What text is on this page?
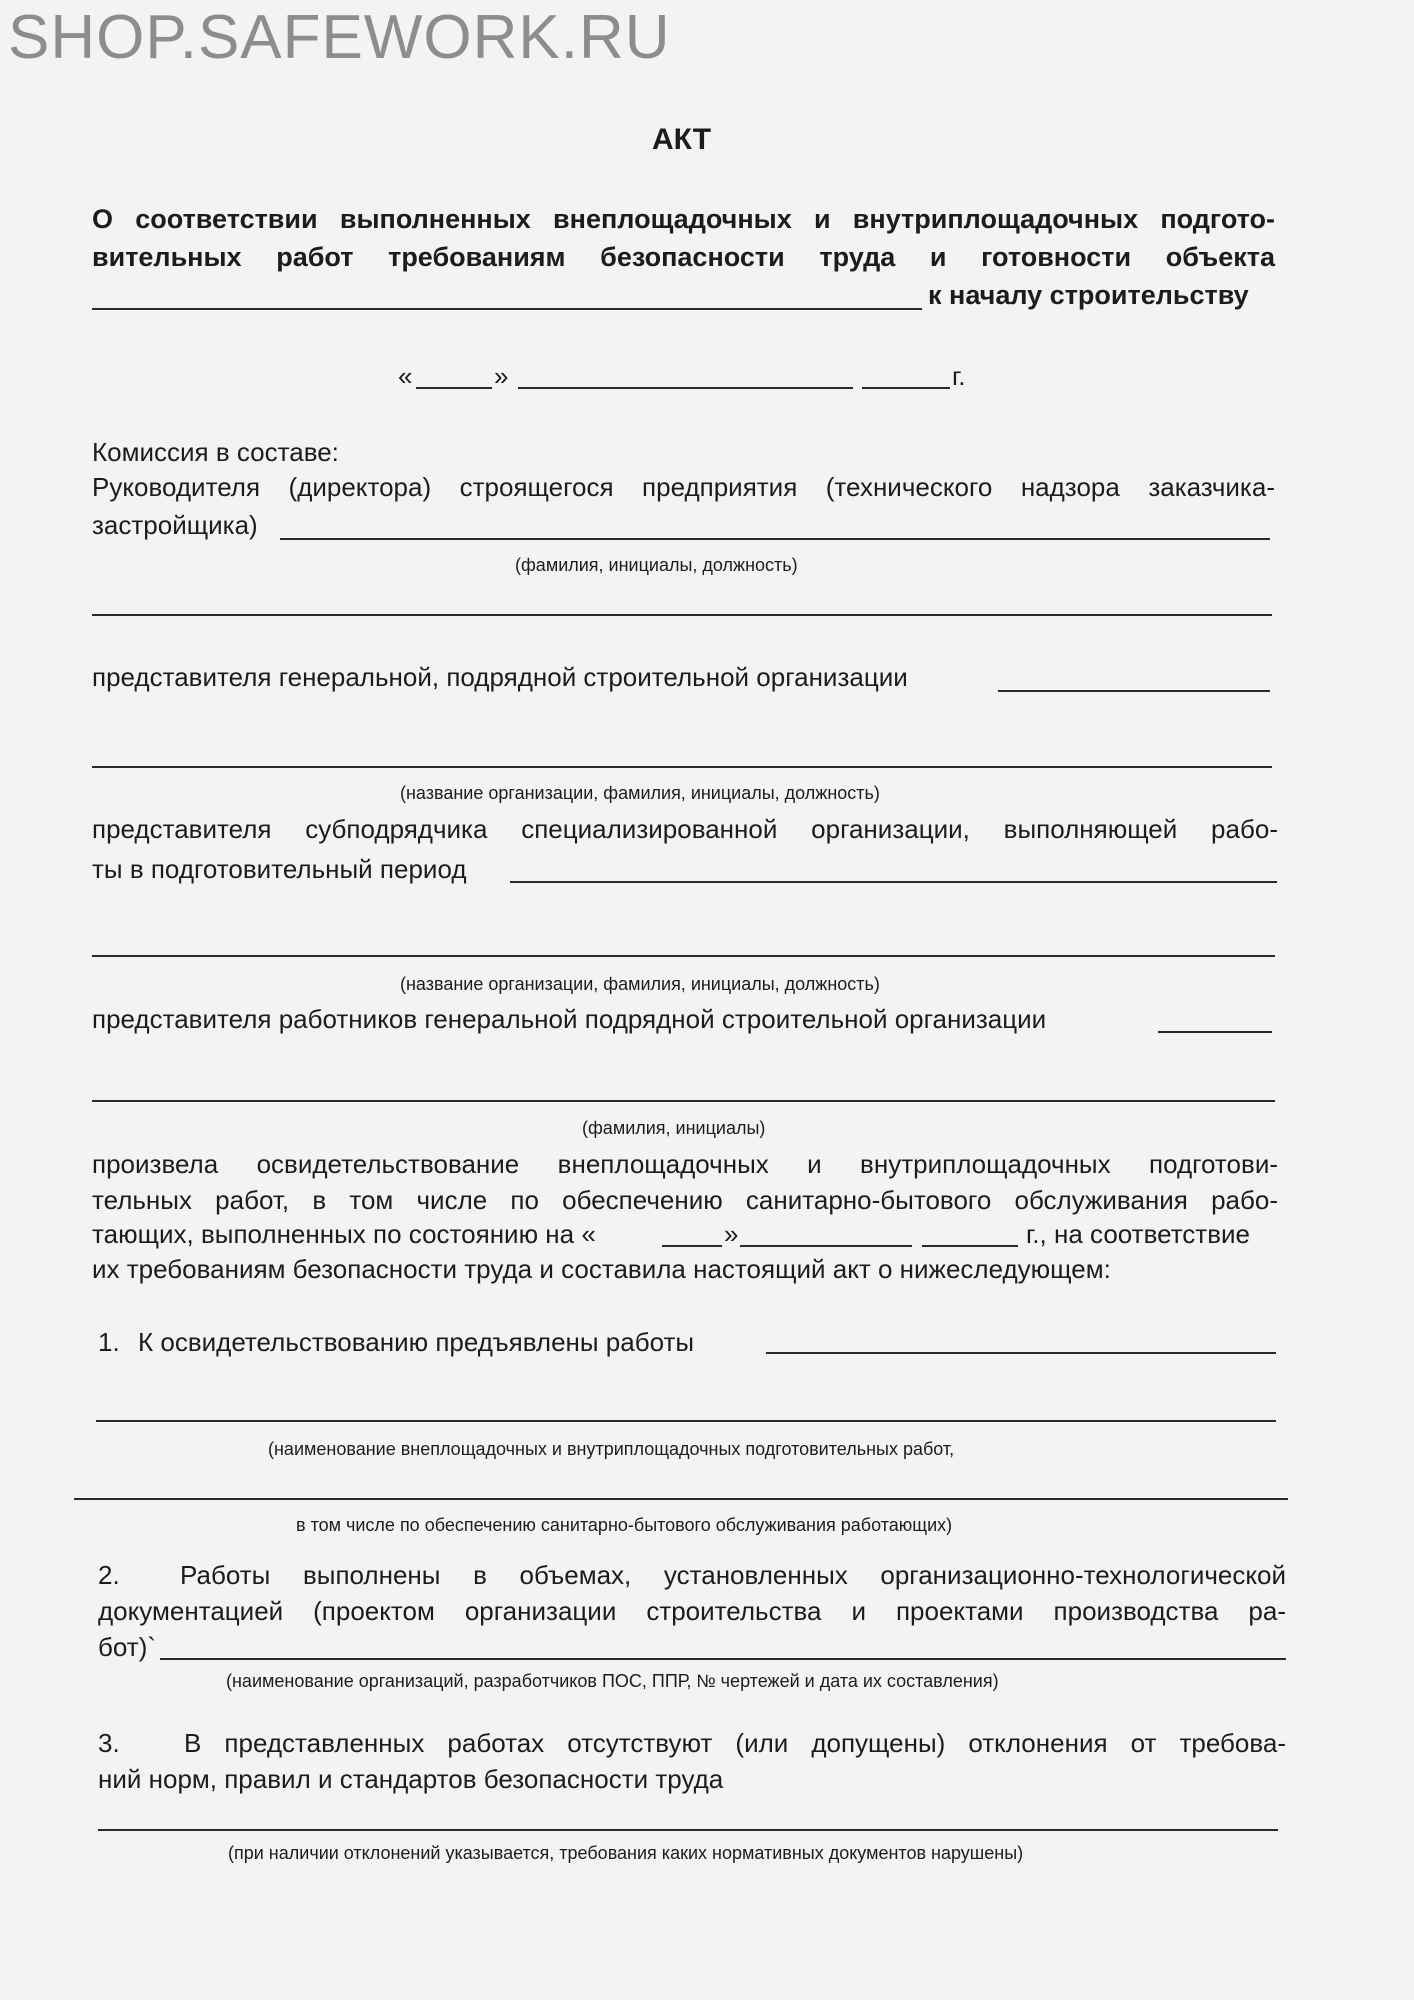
SHOP.SAFEWORK.RU
АКТ
О соответствии выполненных внеплощадочных и внутриплощадочных подгото-
вительных работ требованиям безопасности труда и готовности объекта
к началу строительству
«	»	г.
Комиссия в составе:
Руководителя (директора) строящегося предприятия (технического надзора заказчика-
застройщика)
(фамилия, инициалы, должность)
представителя генеральной, подрядной строительной организации
(название организации, фамилия, инициалы, должность)
представителя субподрядчика специализированной организации, выполняющей рабо-
ты в подготовительный период
(название организации, фамилия, инициалы, должность)
представителя работников генеральной подрядной строительной организации
(фамилия, инициалы)
произвела освидетельствование внеплощадочных и внутриплощадочных подготови-
тельных работ, в том числе по обеспечению санитарно-бытового обслуживания рабо-
тающих, выполненных по состоянию на «	»	г., на соответствие
их требованиям безопасности труда и составила настоящий акт о нижеследующем:
1. К освидетельствованию предъявлены работы
(наименование внеплощадочных и внутриплощадочных подготовительных работ,
в том числе по обеспечению санитарно-бытового обслуживания работающих)
2. Работы выполнены в объемах, установленных организационно-технологической
документацией (проектом организации строительства и проектами производства ра-
бот)`
(наименование организаций, разработчиков ПОС, ППР, № чертежей и дата их составления)
3. В представленных работах отсутствуют (или допущены) отклонения от требова-
ний норм, правил и стандартов безопасности труда
(при наличии отклонений указывается, требования каких нормативных документов нарушены)
